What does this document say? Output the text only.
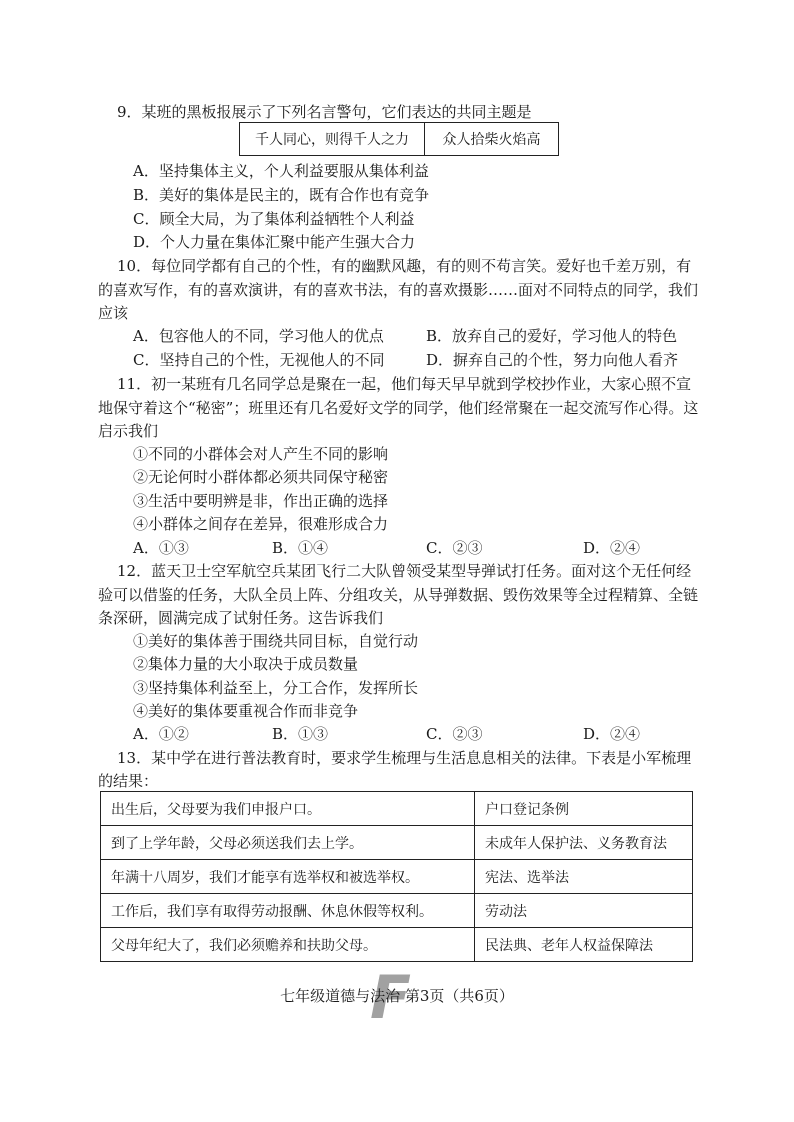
9．某班的黑板报展示了下列名言警句，它们表达的共同主题是
千人同心，则得千人之力	众人拾柴火焰高
A．坚持集体主义，个人利益要服从集体利益
B．美好的集体是民主的，既有合作也有竞争
C．顾全大局，为了集体利益牺牲个人利益
D．个人力量在集体汇聚中能产生强大合力
10．每位同学都有自己的个性，有的幽默风趣，有的则不苟言笑。爱好也千差万别，有
的喜欢写作，有的喜欢演讲，有的喜欢书法，有的喜欢摄影……面对不同特点的同学，我们
应该
A．包容他人的不同，学习他人的优点	B．放弃自己的爱好，学习他人的特色
C．坚持自己的个性，无视他人的不同	D．摒弃自己的个性，努力向他人看齐
11．初一某班有几名同学总是聚在一起，他们每天早早就到学校抄作业，大家心照不宣
地保守着这个“秘密”；班里还有几名爱好文学的同学，他们经常聚在一起交流写作心得。这
启示我们
①不同的小群体会对人产生不同的影响
②无论何时小群体都必须共同保守秘密
③生活中要明辨是非，作出正确的选择
④小群体之间存在差异，很难形成合力
A．①③	B．①④	C．②③	D．②④
12．蓝天卫士空军航空兵某团飞行二大队曾领受某型导弹试打任务。面对这个无任何经
验可以借鉴的任务，大队全员上阵、分组攻关，从导弹数据、毁伤效果等全过程精算、全链
条深研，圆满完成了试射任务。这告诉我们
①美好的集体善于围绕共同目标，自觉行动
②集体力量的大小取决于成员数量
③坚持集体利益至上，分工合作，发挥所长
④美好的集体要重视合作而非竞争
A．①②	B．①③	C．②③	D．②④
13．某中学在进行普法教育时，要求学生梳理与生活息息相关的法律。下表是小军梳理
的结果：
出生后，父母要为我们申报户口。	户口登记条例
到了上学年龄，父母必须送我们去上学。	未成年人保护法、义务教育法
年满十八周岁，我们才能享有选举权和被选举权。	宪法、选举法
工作后，我们享有取得劳动报酬、休息休假等权利。	劳动法
父母年纪大了，我们必须赡养和扶助父母。	民法典、老年人权益保障法
F
七年级道德与法治 第3页（共6页）
